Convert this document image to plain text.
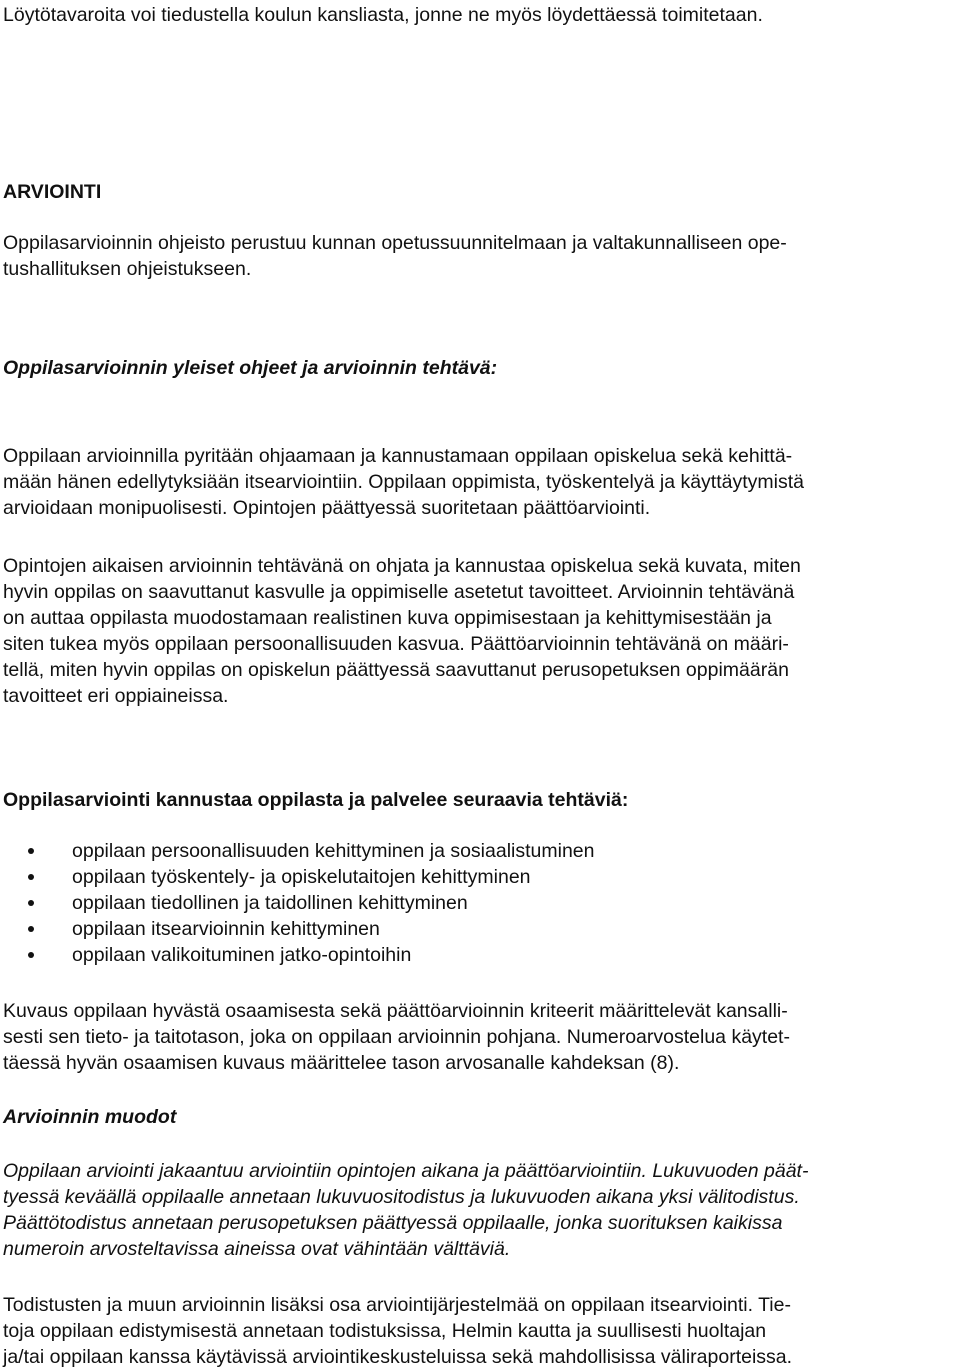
Löytötavaroita voi tiedustella koulun kansliasta, jonne ne myös löydettäessä toimitetaan.
ARVIOINTI
Oppilasarvioinnin ohjeisto perustuu kunnan opetussuunnitelmaan ja valtakunnalliseen ope-
tushallituksen ohjeistukseen.
Oppilasarvioinnin yleiset ohjeet ja arvioinnin tehtävä:
Oppilaan arvioinnilla pyritään ohjaamaan ja kannustamaan oppilaan opiskelua sekä kehittä-
mään hänen edellytyksiään itsearviointiin. Oppilaan oppimista, työskentelyä ja käyttäytymistä
arvioidaan monipuolisesti. Opintojen päättyessä suoritetaan päättöarviointi.
Opintojen aikaisen arvioinnin tehtävänä on ohjata ja kannustaa opiskelua sekä kuvata, miten
hyvin oppilas on saavuttanut kasvulle ja oppimiselle asetetut tavoitteet. Arvioinnin tehtävänä
on auttaa oppilasta muodostamaan realistinen kuva oppimisestaan ja kehittymisestään ja
siten tukea myös oppilaan persoonallisuuden kasvua. Päättöarvioinnin tehtävänä on määri-
tellä, miten hyvin oppilas on opiskelun päättyessä saavuttanut perusopetuksen oppimäärän
tavoitteet eri oppiaineissa.
Oppilasarviointi kannustaa oppilasta ja palvelee seuraavia tehtäviä:
oppilaan persoonallisuuden kehittyminen ja sosiaalistuminen
oppilaan työskentely- ja opiskelutaitojen kehittyminen
oppilaan tiedollinen ja taidollinen kehittyminen
oppilaan itsearvioinnin kehittyminen
oppilaan valikoituminen jatko-opintoihin
Kuvaus oppilaan hyvästä osaamisesta sekä päättöarvioinnin kriteerit määrittelevät kansalli-
sesti sen tieto- ja taitotason, joka on oppilaan arvioinnin pohjana. Numeroarvostelua käytet-
täessä hyvän osaamisen kuvaus määrittelee tason arvosanalle kahdeksan (8).
Arvioinnin muodot
Oppilaan arviointi jakaantuu arviointiin opintojen aikana ja päättöarviointiin. Lukuvuoden päät-
tyessä keväällä oppilaalle annetaan lukuvuositodistus ja lukuvuoden aikana yksi välitodistus.
Päättötodistus annetaan perusopetuksen päättyessä oppilaalle, jonka suorituksen kaikissa
numeroin arvosteltavissa aineissa ovat vähintään välttäviä.
Todistusten ja muun arvioinnin lisäksi osa arviointijärjestelmää on oppilaan itsearviointi. Tie-
toja oppilaan edistymisestä annetaan todistuksissa, Helmin kautta ja suullisesti huoltajan
ja/tai oppilaan kanssa käytävissä arviointikeskusteluissa sekä mahdollisissa väliraporteissa.
